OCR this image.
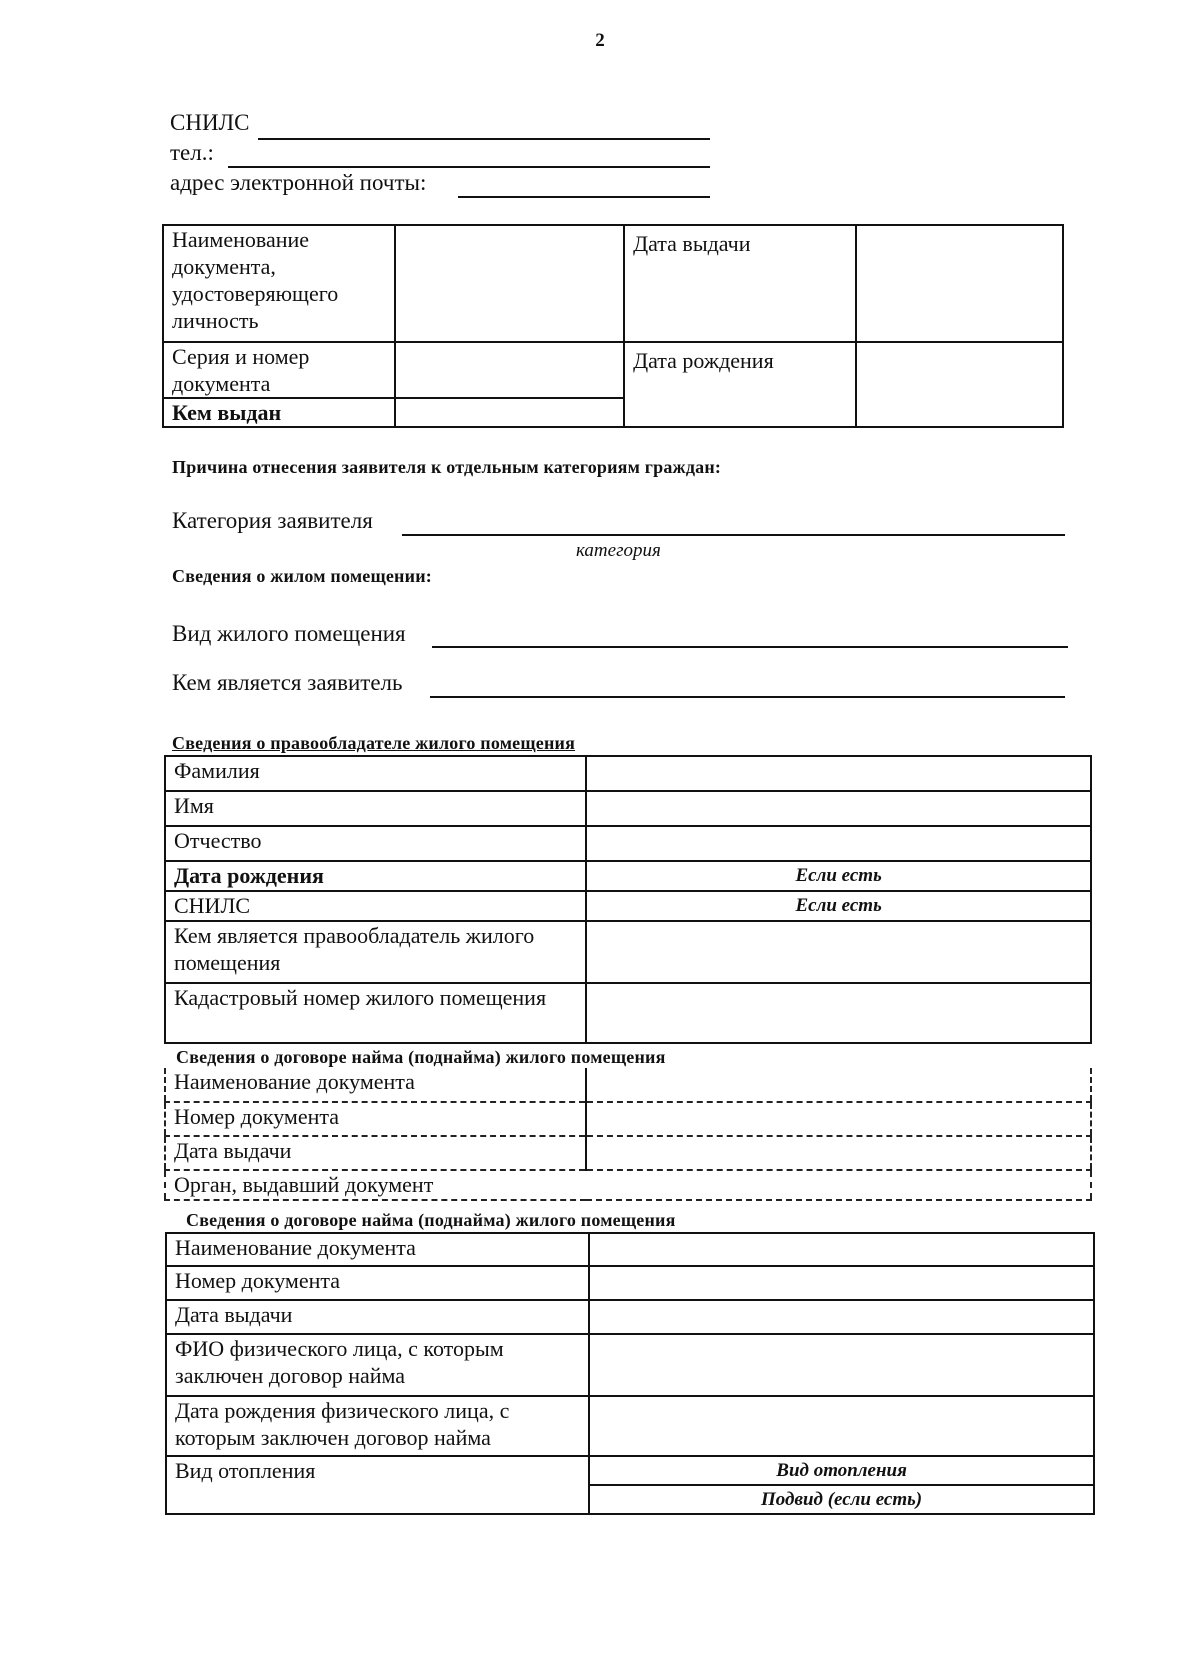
2
СНИЛС
тел.:
адрес электронной почты:
Наименование документа, удостоверяющего личность		Дата выдачи	
Серия и номер документа		Дата рождения	
Кем выдан			
Причина отнесения заявителя к отдельным категориям граждан:
Категория заявителя
категория
Сведения о жилом помещении:
Вид жилого помещения
Кем является заявитель
Сведения о правообладателе жилого помещения
Фамилия	
Имя	
Отчество	
Дата рождения	Если есть
СНИЛС	Если есть
Кем является правообладатель жилого помещения	
Кадастровый номер жилого помещения	
Сведения о договоре найма (поднайма) жилого помещения
Наименование документа	
Номер документа	
Дата выдачи	
Орган, выдавший документ	
Сведения о договоре найма (поднайма) жилого помещения
Наименование документа	
Номер документа	
Дата выдачи	
ФИО физического лица, с которым заключен договор найма	
Дата рождения физического лица, с которым заключен договор найма	
Вид отопления	Вид отопления
	Подвид (если есть)
